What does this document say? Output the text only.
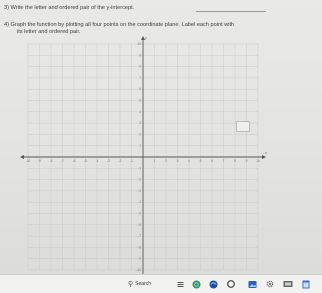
3) Write the letter and ordered pair of the y-intercept.
4) Graph the function by plotting all four points on the coordinate plane. Label each point with
its letter and ordered pair.
-10 -9	-8	-7	-6	-5	-4	-3	-2	-1	1	2	3	4	5	6	7	8	9	10
-10
-9
-8
-7
-6
-5
-4
-3
-2
-1
1
2
3
4
5
6
7
8
9
10
x
y
⚲ Search
